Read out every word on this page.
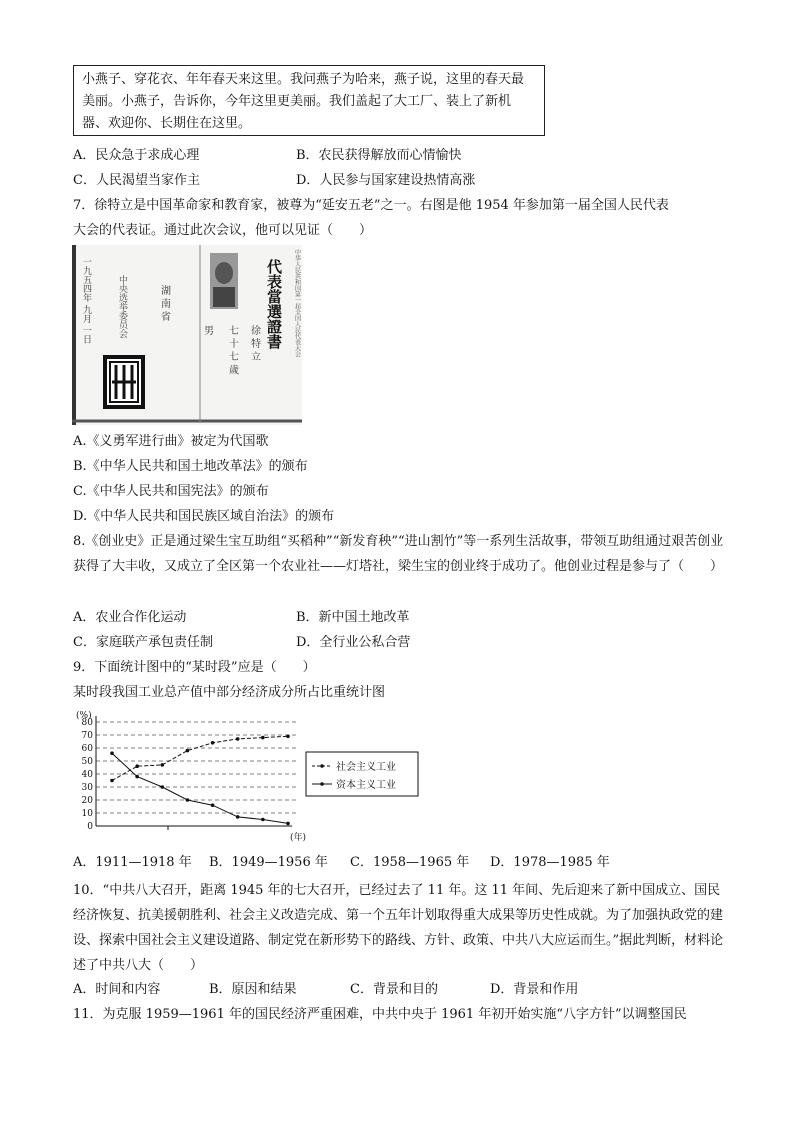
小燕子、穿花衣、年年春天来这里。我问燕子为哈来，燕子说，这里的春天最美丽。小燕子，告诉你，今年这里更美丽。我们盖起了大工厂、装上了新机器、欢迎你、长期住在这里。
A．民众急于求成心理	B．农民获得解放而心情愉快
C．人民渴望当家作主	D．人民参与国家建设热情高涨
7．徐特立是中国革命家和教育家，被尊为“延安五老”之一。右图是他 1954 年参加第一届全国人民代表
大会的代表证。通过此次会议，他可以见证（　　）
一九五四年 九月 一日	中央选举委员会	湖 南 省
男 七 十 七 歲 徐 特 立 代表當選證書 中华人民共和国第一届全国人民代表大会
A.《义勇军进行曲》被定为代国歌
B.《中华人民共和国土地改革法》的颁布
C.《中华人民共和国宪法》的颁布
D.《中华人民共和国民族区域自治法》的颁布
8.《创业史》正是通过梁生宝互助组“买稻种”“新发育秧”“进山割竹”等一系列生活故事，带领互助组通过艰苦创业获得了大丰收，又成立了全区第一个农业社——灯塔社，梁生宝的创业终于成功了。他创业过程是参与了（　　）
A．农业合作化运动	B．新中国土地改革
C．家庭联产承包责任制	D．全行业公私合营
9．下面统计图中的“某时段”应是（　　）
某时段我国工业总产值中部分经济成分所占比重统计图
0
10
20
30
40
50
60
70
80
(%)
(年)
社会主义工业
资本主义工业
A．1911—1918 年 B．1949—1956 年 C．1958—1965 年 D．1978—1985 年
10．“中共八大召开，距离 1945 年的七大召开，已经过去了 11 年。这 11 年间、先后迎来了新中国成立、国民经济恢复、抗美援朝胜利、社会主义改造完成、第一个五年计划取得重大成果等历史性成就。为了加强执政党的建设、探索中国社会主义建设道路、制定党在新形势下的路线、方针、政策、中共八大应运而生。”据此判断，材料论述了中共八大（　　）
A．时间和内容	B．原因和结果	C．背景和目的	D．背景和作用
11．为克服 1959—1961 年的国民经济严重困难，中共中央于 1961 年初开始实施“八字方针”以调整国民
